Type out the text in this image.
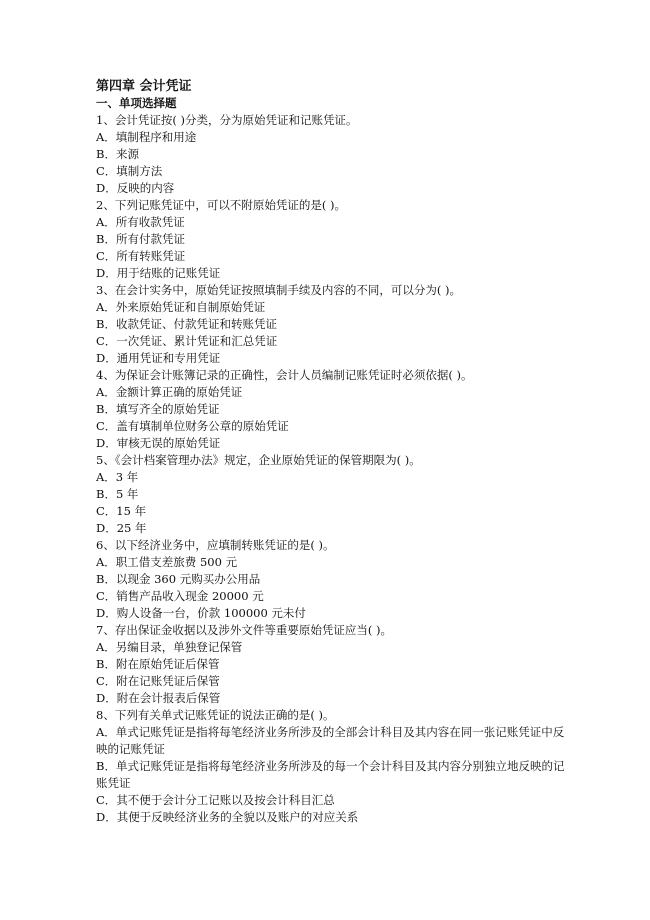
第四章 会计凭证
一、单项选择题
1、会计凭证按( )分类，分为原始凭证和记账凭证。
A．填制程序和用途
B．来源
C．填制方法
D．反映的内容
2、下列记账凭证中，可以不附原始凭证的是( )。
A．所有收款凭证
B．所有付款凭证
C．所有转账凭证
D．用于结账的记账凭证
3、在会计实务中，原始凭证按照填制手续及内容的不同，可以分为( )。
A．外来原始凭证和自制原始凭证
B．收款凭证、付款凭证和转账凭证
C．一次凭证、累计凭证和汇总凭证
D．通用凭证和专用凭证
4、为保证会计账簿记录的正确性，会计人员编制记账凭证时必须依据( )。
A．金额计算正确的原始凭证
B．填写齐全的原始凭证
C．盖有填制单位财务公章的原始凭证
D．审核无误的原始凭证
5、《会计档案管理办法》规定，企业原始凭证的保管期限为( )。
A．3 年
B．5 年
C．15 年
D．25 年
6、以下经济业务中，应填制转账凭证的是( )。
A．职工借支差旅费 500 元
B．以现金 360 元购买办公用品
C．销售产品收入现金 20000 元
D．购人设备一台，价款 100000 元未付
7、存出保证金收据以及涉外文件等重要原始凭证应当( )。
A．另编目录，单独登记保管
B．附在原始凭证后保管
C．附在记账凭证后保管
D．附在会计报表后保管
8、下列有关单式记账凭证的说法正确的是( )。
A．单式记账凭证是指将每笔经济业务所涉及的全部会计科目及其内容在同一张记账凭证中反映的记账凭证
B．单式记账凭证是指将每笔经济业务所涉及的每一个会计科目及其内容分别独立地反映的记账凭证
C．其不便于会计分工记账以及按会计科目汇总
D．其便于反映经济业务的全貌以及账户的对应关系
